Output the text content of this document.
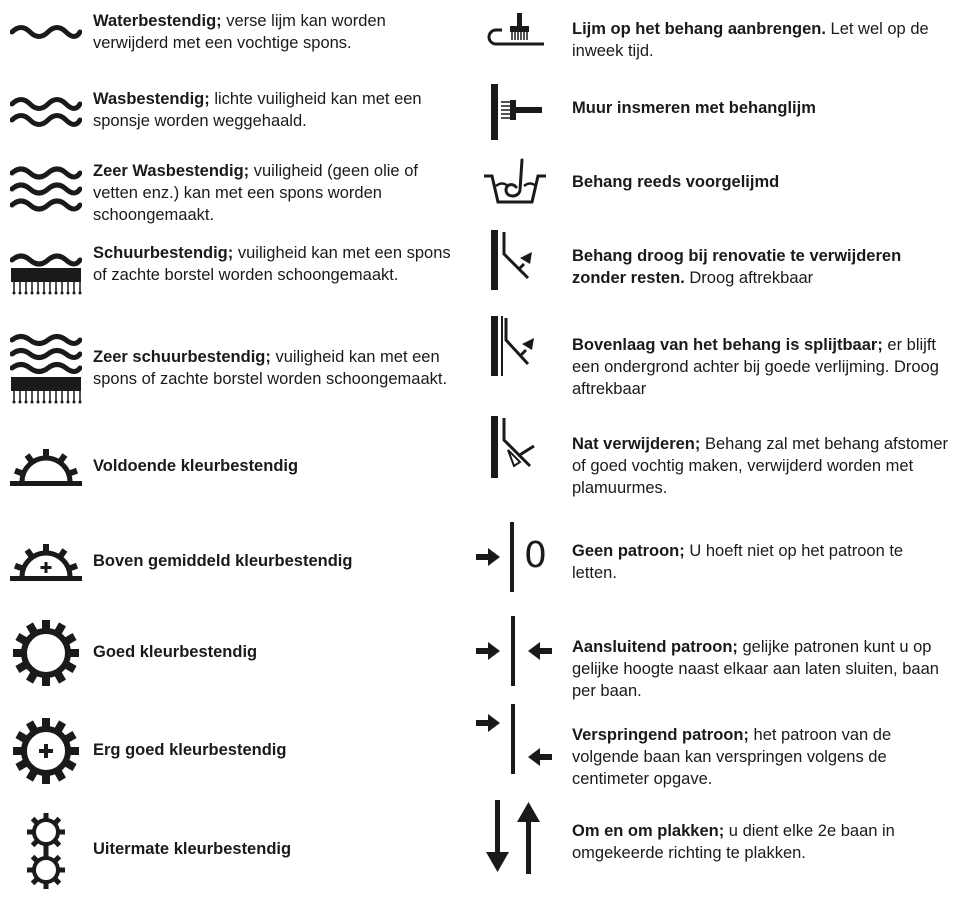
Waterbestendig; verse lijm kan worden verwijderd met een vochtige spons.
Wasbestendig; lichte vuiligheid kan met een sponsje worden weggehaald.
Zeer Wasbestendig; vuiligheid (geen olie of vetten enz.) kan met een spons worden schoongemaakt.
Schuurbestendig; vuiligheid kan met een spons of zachte borstel worden schoongemaakt.
Zeer schuurbestendig; vuiligheid kan met een spons of zachte borstel worden schoongemaakt.
Voldoende kleurbestendig
Boven gemiddeld kleurbestendig
Goed kleurbestendig
Erg goed kleurbestendig
Uitermate kleurbestendig
Lijm op het behang aanbrengen. Let wel op de inweek tijd.
Muur insmeren met behanglijm
Behang reeds voorgelijmd
Behang droog bij renovatie te verwijderen zonder resten. Droog aftrekbaar
Bovenlaag van het behang is splijtbaar; er blijft een ondergrond achter bij goede verlijming. Droog aftrekbaar
Nat verwijderen; Behang zal met behang afstomer of goed vochtig maken, verwijderd worden met plamuurmes.
0 Geen patroon; U hoeft niet op het patroon te letten.
Aansluitend patroon; gelijke patronen kunt u op gelijke hoogte naast elkaar aan laten sluiten, baan per baan.
Verspringend patroon; het patroon van de volgende baan kan verspringen volgens de centimeter opgave.
Om en om plakken; u dient elke 2e baan in omgekeerde richting te plakken.
